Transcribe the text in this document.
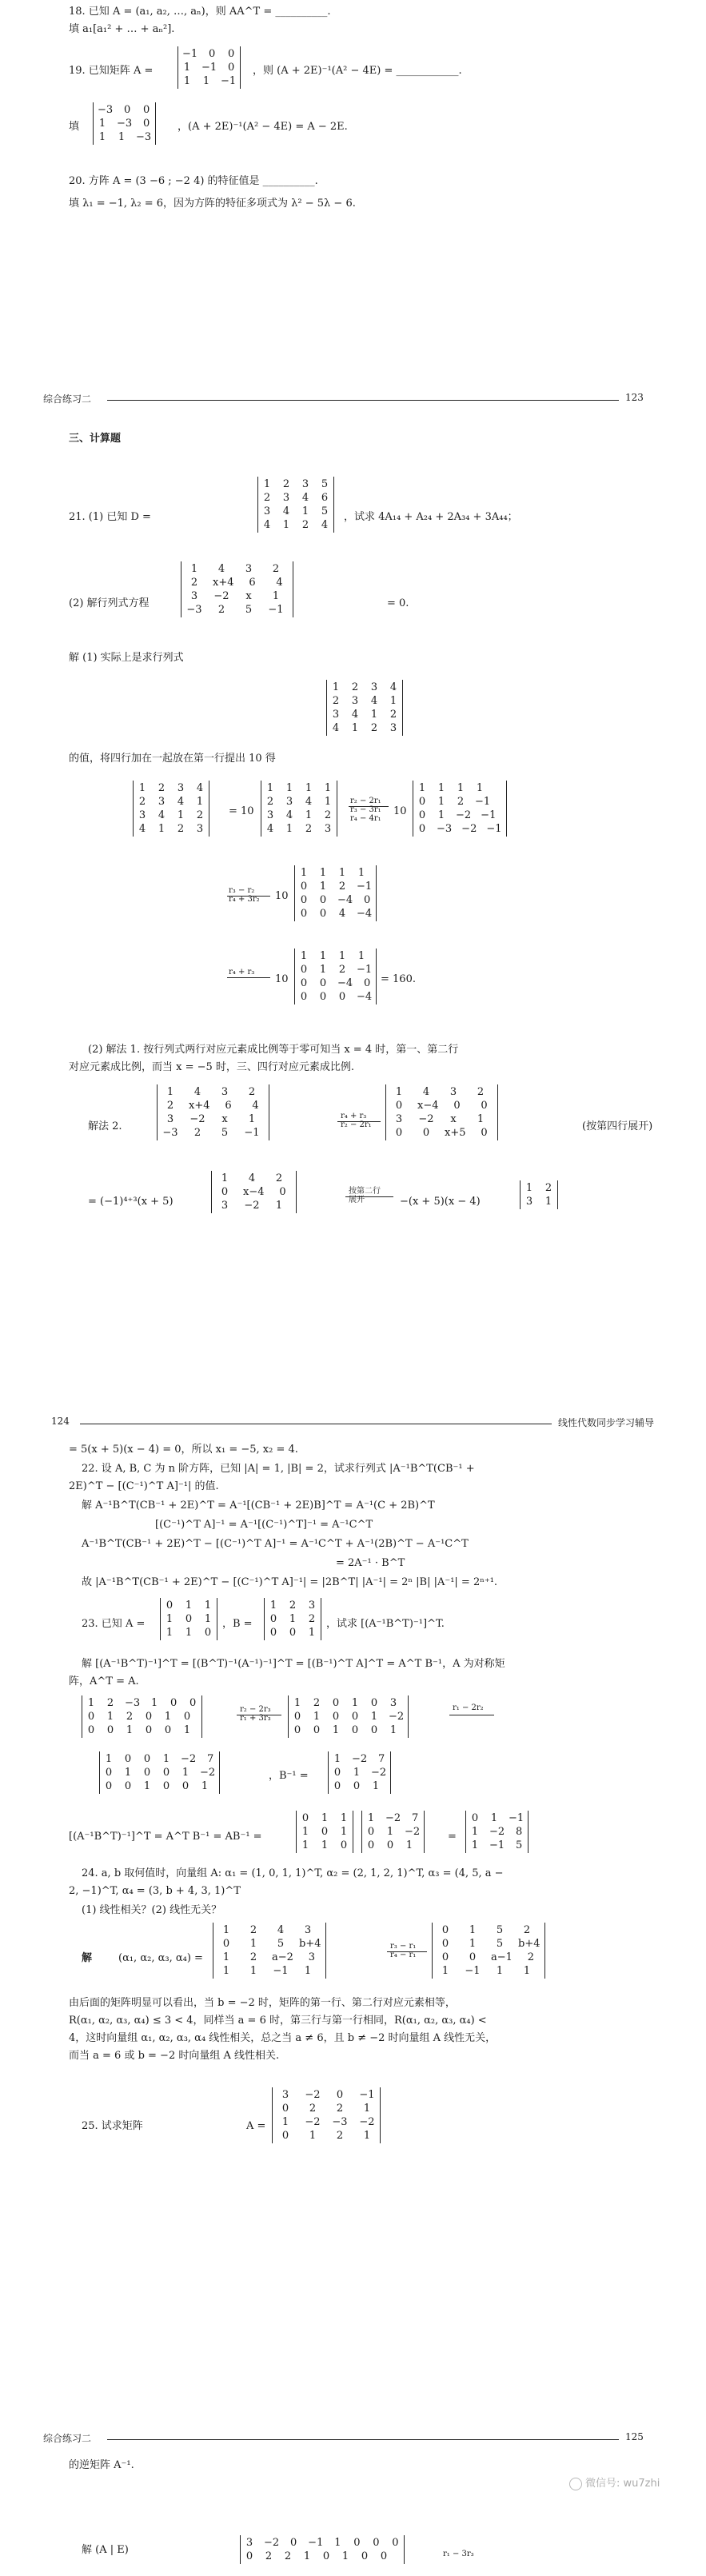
18. 已知 A = (a₁, a₂, …, aₙ)，则 AA^T = __________.
填 a₁[a₁² + … + aₙ²].
19. 已知矩阵 A =
−1 0 0
1 −1 0
1 1 −1
，则 (A + 2E)⁻¹(A² − 4E) = ____________.
填
−3 0 0
1 −3 0
1 1 −3
，(A + 2E)⁻¹(A² − 4E) = A − 2E.
20. 方阵 A = (3 −6 ; −2 4) 的特征值是 __________.
填 λ₁ = −1, λ₂ = 6，因为方阵的特征多项式为 λ² − 5λ − 6.
综合练习二	123
三、计算题
21. (1) 已知 D =
1 2 3 5
2 3 4 6
3 4 1 5
4 1 2 4
，试求 4A₁₄ + A₂₄ + 2A₃₄ + 3A₄₄；
(2) 解行列式方程
1	4	3	2
2	x+4	6	4
3	−2	x	1
−3	2	5	−1
= 0.
解 (1) 实际上是求行列式
1 2 3 4
2 3 4 1
3 4 1 2
4 1 2 3
的值，将四行加在一起放在第一行提出 10 得
1 2 3 4
2 3 4 1
3 4 1 2
4 1 2 3
= 10
1 1 1 1
2 3 4 1
3 4 1 2
4 1 2 3
r₂ − 2r₁
r₃ − 3r₁
r₄ − 4r₁
10
1 1 1 1
0 1 2 −1
0 1 −2 −1
0 −3 −2 −1
r₃ − r₂
r₄ + 3r₂ 10
1 1 1 1
0 1 2 −1
0 0 −4 0
0 0 4 −4
r₄ + r₃
10
1 1 1 1
0 1 2 −1
0 0 −4 0
0 0 0 −4
= 160.
(2) 解法 1. 按行列式两行对应元素成比例等于零可知当 x = 4 时，第一、第二行
对应元素成比例，而当 x = −5 时，三、四行对应元素成比例.
解法 2.
1	4	3	2
2	x+4	6	4
3	−2	x	1
−3	2	5	−1
r₄ + r₃
r₂ − 2r₁
1	4	3	2
0	x−4	0	0
3	−2	x	1
0	0	x+5	0
(按第四行展开)
= (−1)⁴⁺³(x + 5)
1	4	2
0	x−4	0
3	−2	1
按第二行
展开	−(x + 5)(x − 4)
1 2
3 1
124	线性代数同步学习辅导
= 5(x + 5)(x − 4) = 0，所以 x₁ = −5, x₂ = 4.
22. 设 A, B, C 为 n 阶方阵，已知 |A| = 1, |B| = 2，试求行列式 |A⁻¹B^T(CB⁻¹ +
2E)^T − [(C⁻¹)^T A]⁻¹| 的值.
解 A⁻¹B^T(CB⁻¹ + 2E)^T = A⁻¹[(CB⁻¹ + 2E)B]^T = A⁻¹(C + 2B)^T
[(C⁻¹)^T A]⁻¹ = A⁻¹[(C⁻¹)^T]⁻¹ = A⁻¹C^T
A⁻¹B^T(CB⁻¹ + 2E)^T − [(C⁻¹)^T A]⁻¹ = A⁻¹C^T + A⁻¹(2B)^T − A⁻¹C^T
= 2A⁻¹ · B^T
故 |A⁻¹B^T(CB⁻¹ + 2E)^T − [(C⁻¹)^T A]⁻¹| = |2B^T| |A⁻¹| = 2ⁿ |B| |A⁻¹| = 2ⁿ⁺¹.
23. 已知 A =
0 1 1
1 0 1
1 1 0
，B =
1 2 3
0 1 2
0 0 1
，试求 [(A⁻¹B^T)⁻¹]^T.
解 [(A⁻¹B^T)⁻¹]^T = [(B^T)⁻¹(A⁻¹)⁻¹]^T = [(B⁻¹)^T A]^T = A^T B⁻¹，A 为对称矩
阵，A^T = A.
1 2 −3 1 0 0
0 1 2 0 1 0
0 0 1 0 0 1
r₂ − 2r₃
r₁ + 3r₃
1 2 0 1 0 3
0 1 0 0 1 −2
0 0 1 0 0 1
r₁ − 2r₂
1 0 0 1 −2 7
0 1 0 0 1 −2
0 0 1 0 0 1
，B⁻¹ =
1 −2 7
0 1 −2
0 0 1
[(A⁻¹B^T)⁻¹]^T = A^T B⁻¹ = AB⁻¹ =
0 1 1
1 0 1
1 1 0
1 −2 7
0 1 −2
0 0 1
=
0 1 −1
1 −2 8
1 −1 5
24. a, b 取何值时，向量组 A: α₁ = (1, 0, 1, 1)^T, α₂ = (2, 1, 2, 1)^T, α₃ = (4, 5, a −
2, −1)^T, α₄ = (3, b + 4, 3, 1)^T
(1) 线性相关？(2) 线性无关？
解	(α₁, α₂, α₃, α₄) =
1	2	4	3
0	1	5	b+4
1	2	a−2	3
1	1	−1	1
r₃ − r₁
r₄ − r₁
0	1	5	2
0	1	5	b+4
0	0	a−1	2
1	−1	1	1
由后面的矩阵明显可以看出，当 b = −2 时，矩阵的第一行、第二行对应元素相等，
R(α₁, α₂, α₃, α₄) ≤ 3 < 4，同样当 a = 6 时，第三行与第一行相同，R(α₁, α₂, α₃, α₄) <
4，这时向量组 α₁, α₂, α₃, α₄ 线性相关，总之当 a ≠ 6，且 b ≠ −2 时向量组 A 线性无关，
而当 a = 6 或 b = −2 时向量组 A 线性相关.
25. 试求矩阵	A =
3	−2	0	−1
0	2	2	1
1	−2 −3 −2
0	1	2	1
综合练习二	125
的逆矩阵 A⁻¹.
解 (A | E)
3 −2 0 −1 1 0 0 0
0 2 2 1 0 1 0 0	r₁ − 3r₃
微信号: wu7zhi
